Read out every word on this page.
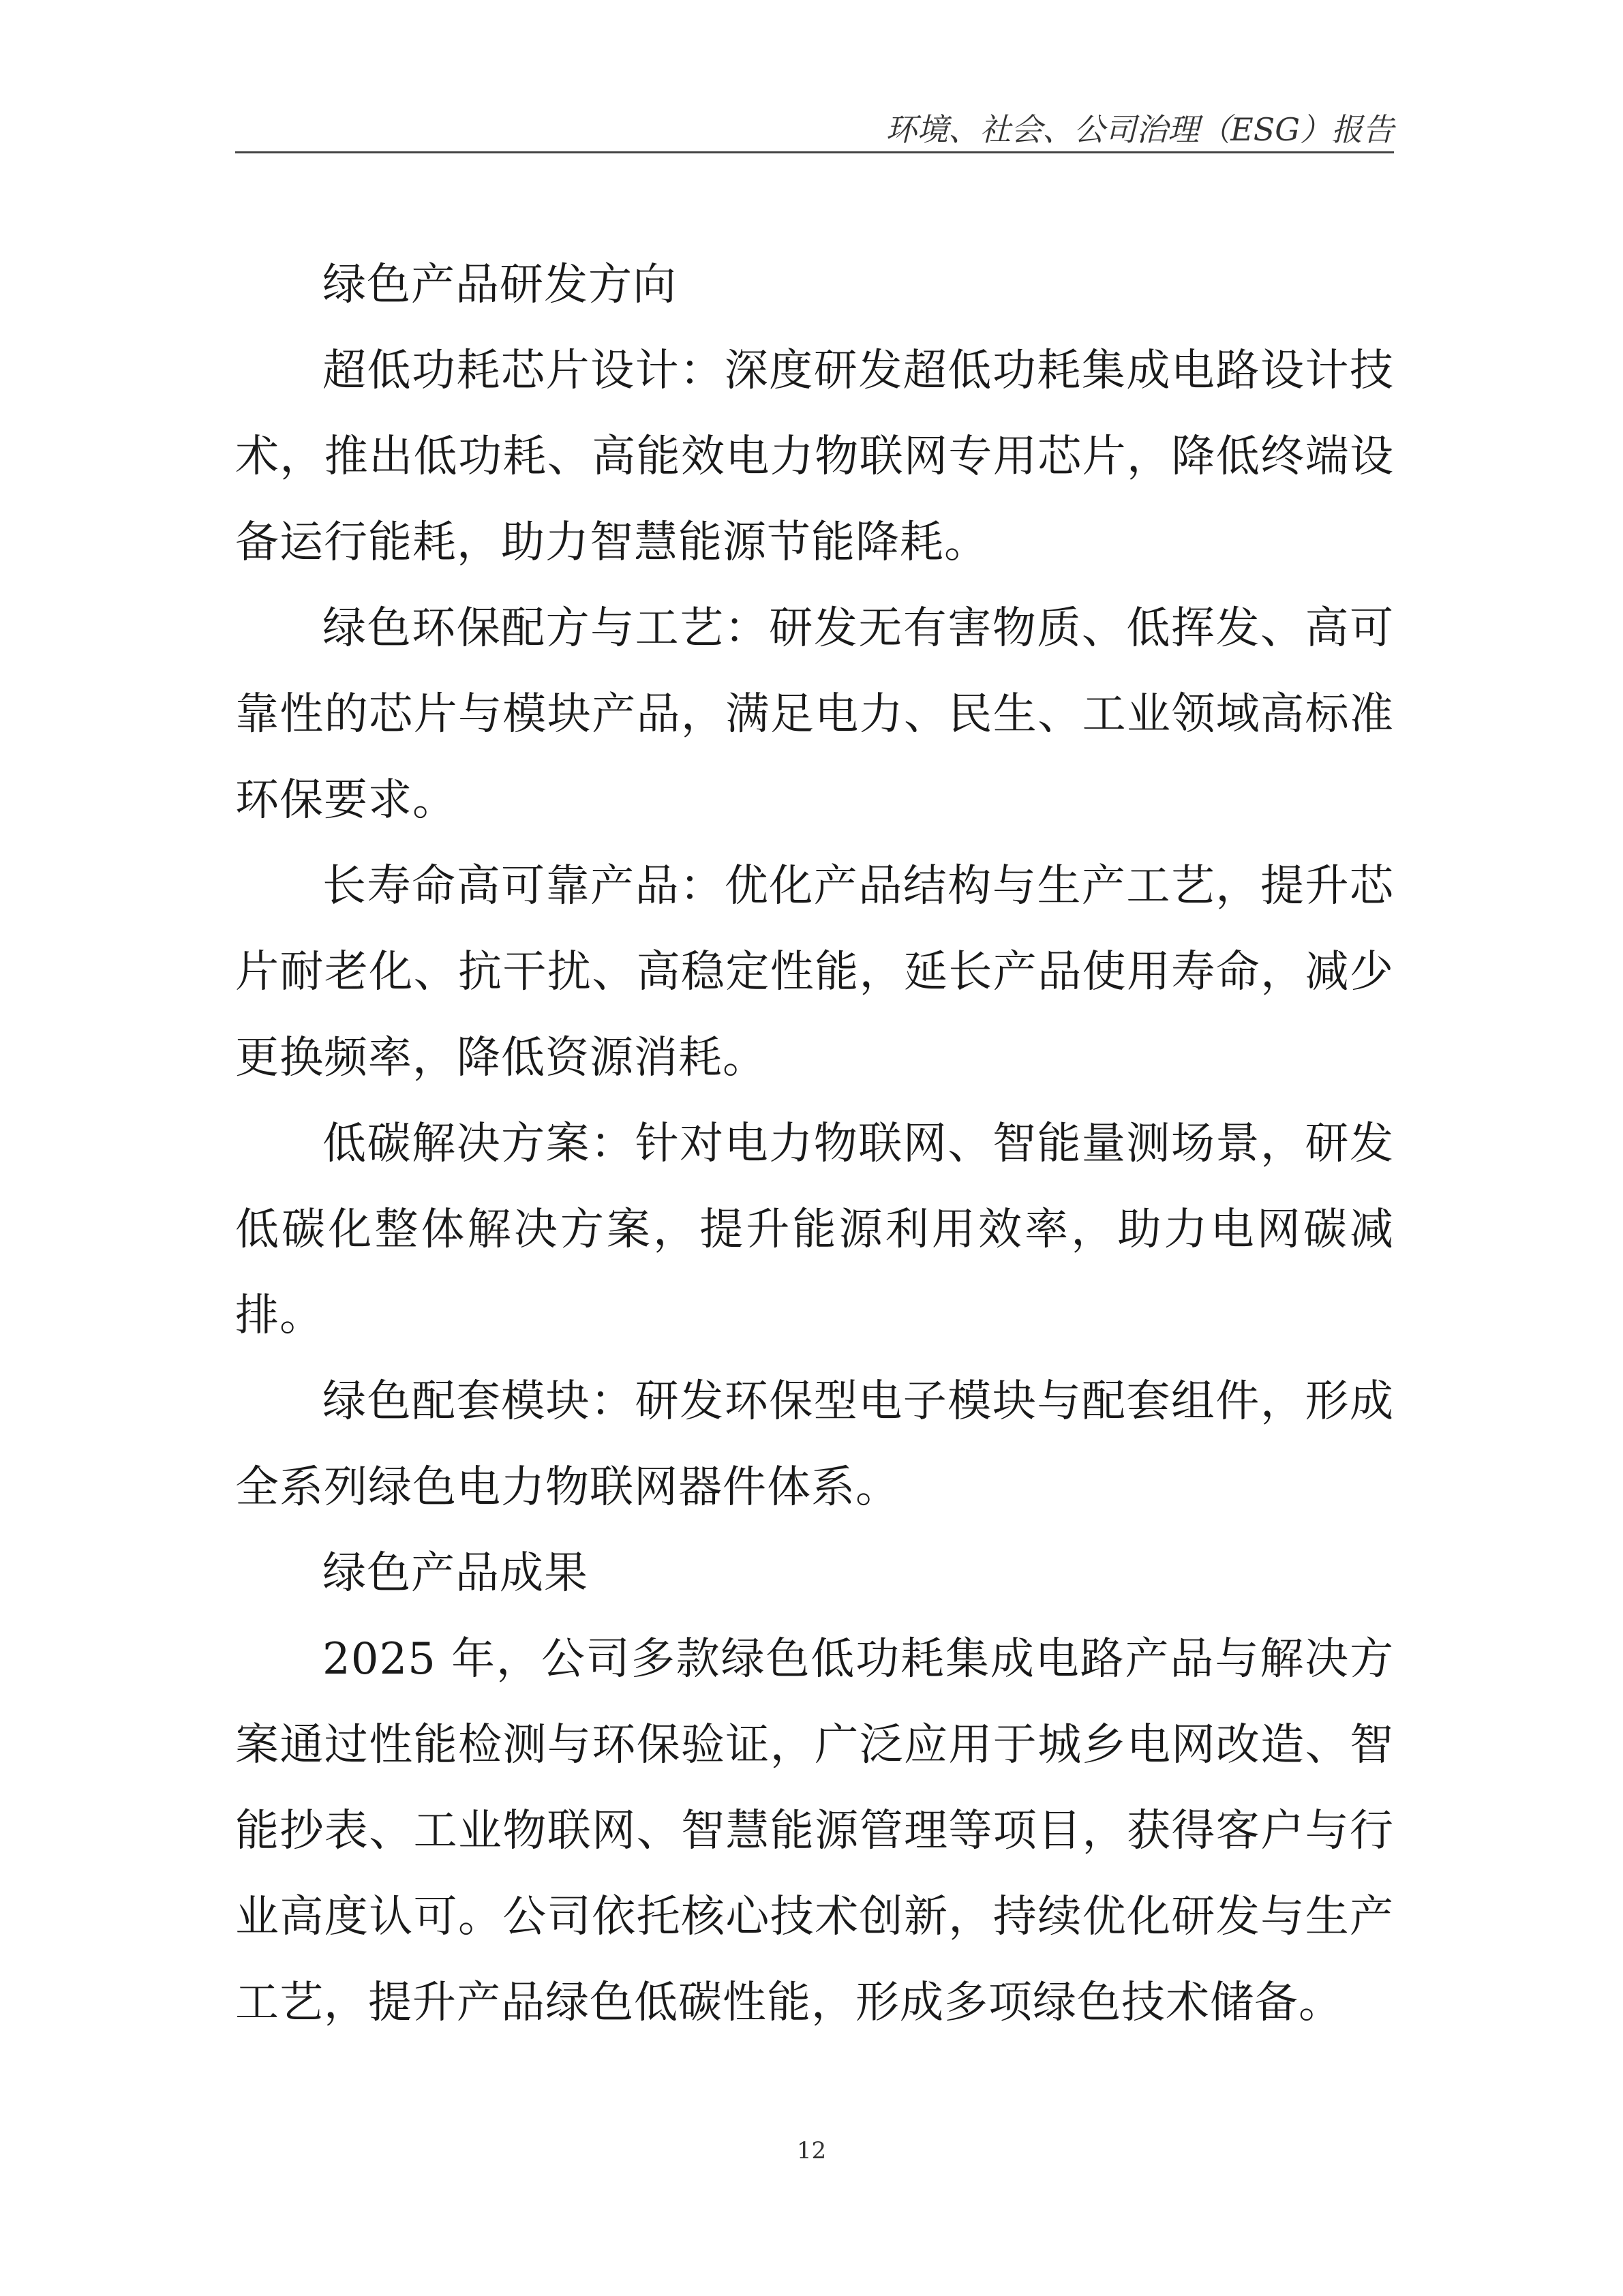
环境、社会、公司治理（ESG）报告

绿色产品研发方向

超低功耗芯片设计：深度研发超低功耗集成电路设计技术，推出低功耗、高能效电力物联网专用芯片，降低终端设备运行能耗，助力智慧能源节能降耗。

绿色环保配方与工艺：研发无有害物质、低挥发、高可靠性的芯片与模块产品，满足电力、民生、工业领域高标准环保要求。

长寿命高可靠产品：优化产品结构与生产工艺，提升芯片耐老化、抗干扰、高稳定性能，延长产品使用寿命，减少更换频率，降低资源消耗。

低碳解决方案：针对电力物联网、智能量测场景，研发低碳化整体解决方案，提升能源利用效率，助力电网碳减排。

绿色配套模块：研发环保型电子模块与配套组件，形成全系列绿色电力物联网器件体系。

绿色产品成果

2025 年，公司多款绿色低功耗集成电路产品与解决方案通过性能检测与环保验证，广泛应用于城乡电网改造、智能抄表、工业物联网、智慧能源管理等项目，获得客户与行业高度认可。公司依托核心技术创新，持续优化研发与生产工艺，提升产品绿色低碳性能，形成多项绿色技术储备。

12
